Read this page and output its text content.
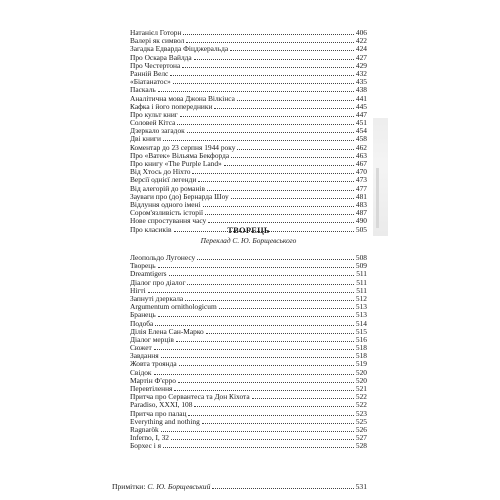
Натанієл Готорн	406
Валері як символ	422
Загадка Едварда Фіцджеральда	424
Про Оскара Вайлда	427
Про Честертона	429
Ранній Велс	432
«Біатанатос»	435
Паскаль	438
Аналітична мова Джона Вілкінса	441
Кафка і його попередники	445
Про культ книг	447
Соловей Кітса	451
Дзеркало загадок	454
Дві книги	458
Коментар до 23 серпня 1944 року	462
Про «Ватек» Вільяма Бекфорда	463
Про книгу «The Purple Land»	467
Від Хтось до Ніхто	470
Версії однієї легенди	473
Від алегорій до романів	477
Зауваги про (до) Бернарда Шоу	481
Відлуння одного імені	483
Сором'язливість історії	487
Нове спростування часу	490
Про класиків	505
ТВОРЕЦЬ
Переклад С. Ю. Борщевського
Леопольдо Лугонесу	508
Творець	509
Dreamtigers	511
Діалог про діалог	511
Нігті	511
Запнуті дзеркала	512
Argumentum ornithologicum	513
Бранець	513
Подоба	514
Ділія Елена Сан-Марко	515
Діалог мерців	516
Сюжет	518
Завдання	518
Жовта троянда	519
Свідок	520
Мартін Ф'єрро	520
Перевтілення	521
Притча про Сервантеса та Дон Кіхота	522
Paradiso, XXXI, 108	522
Притча про палац	523
Everything and nothing	525
Ragnarök	526
Inferno, I, 32	527
Борхес і я	528
Примітки: С. Ю. Борщевський	531
